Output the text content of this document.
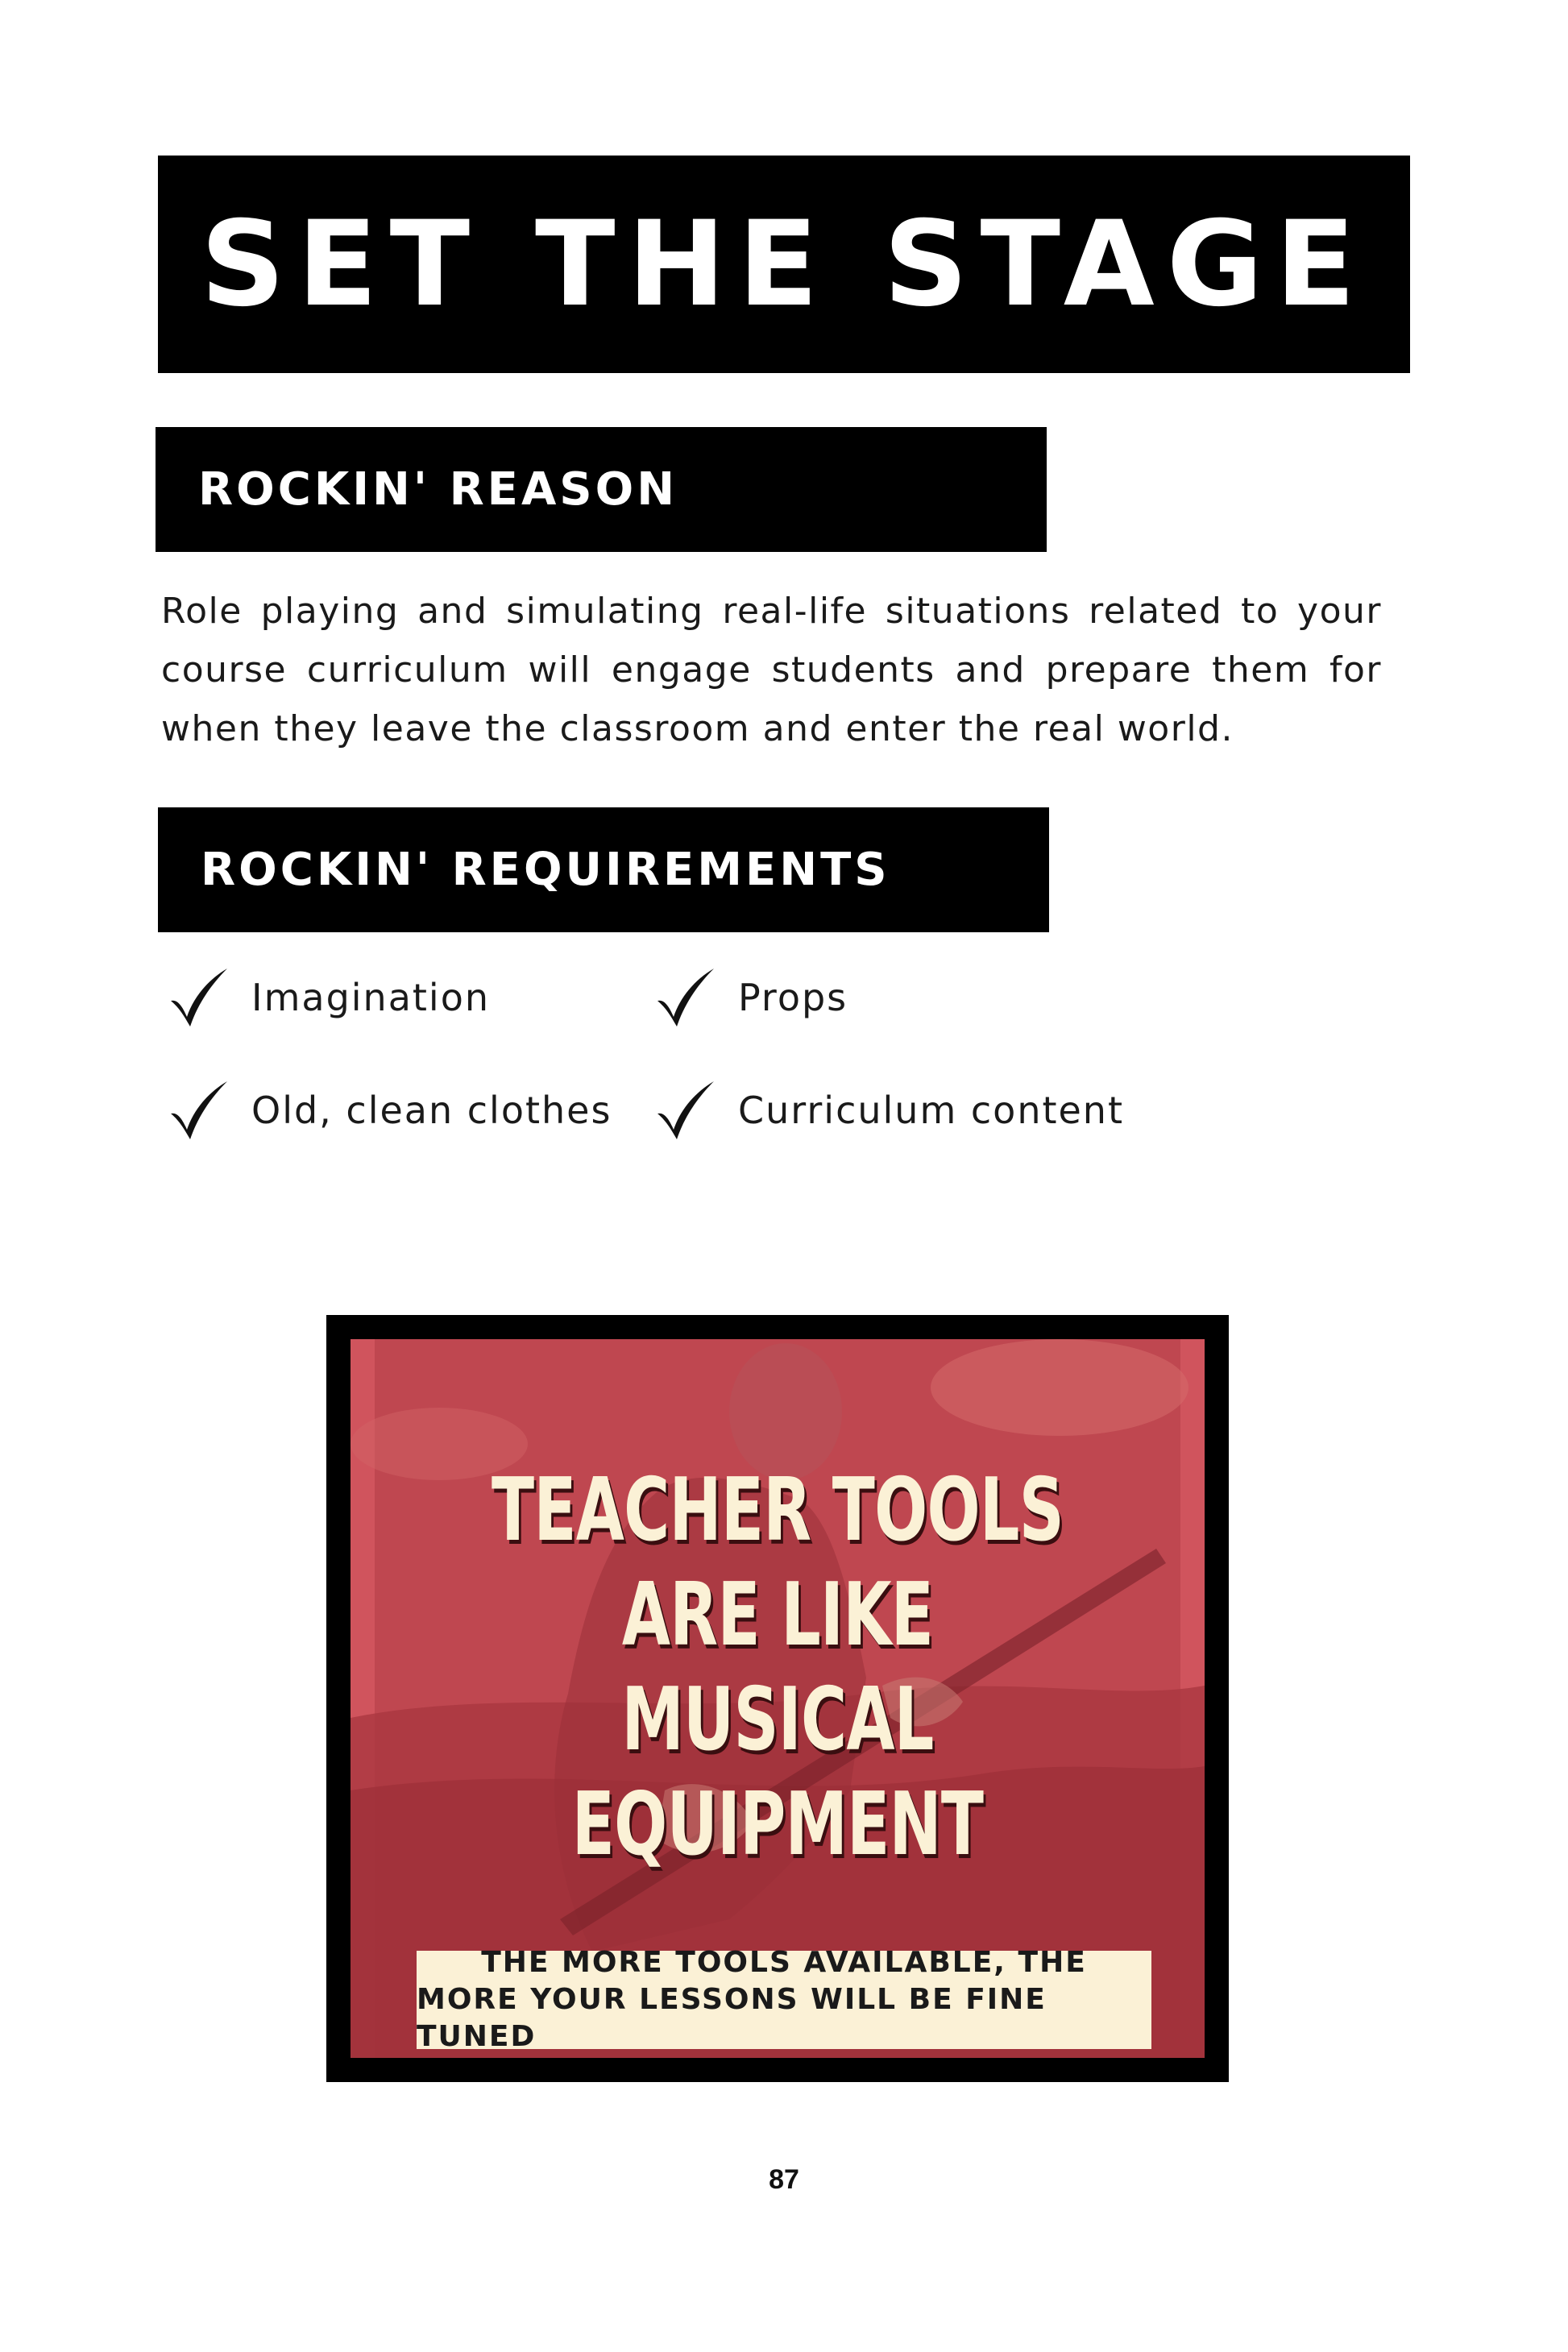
SET THE STAGE
ROCKIN' REASON
Role playing and simulating real-life situations related to your course curriculum will engage students and prepare them for when they leave the classroom and enter the real world.
ROCKIN' REQUIREMENTS
Imagination	Props
Old, clean clothes	Curriculum content
TEACHER TOOLS
ARE LIKE
MUSICAL EQUIPMENT
THE MORE TOOLS AVAILABLE, THE
MORE YOUR LESSONS WILL BE FINE TUNED
87
